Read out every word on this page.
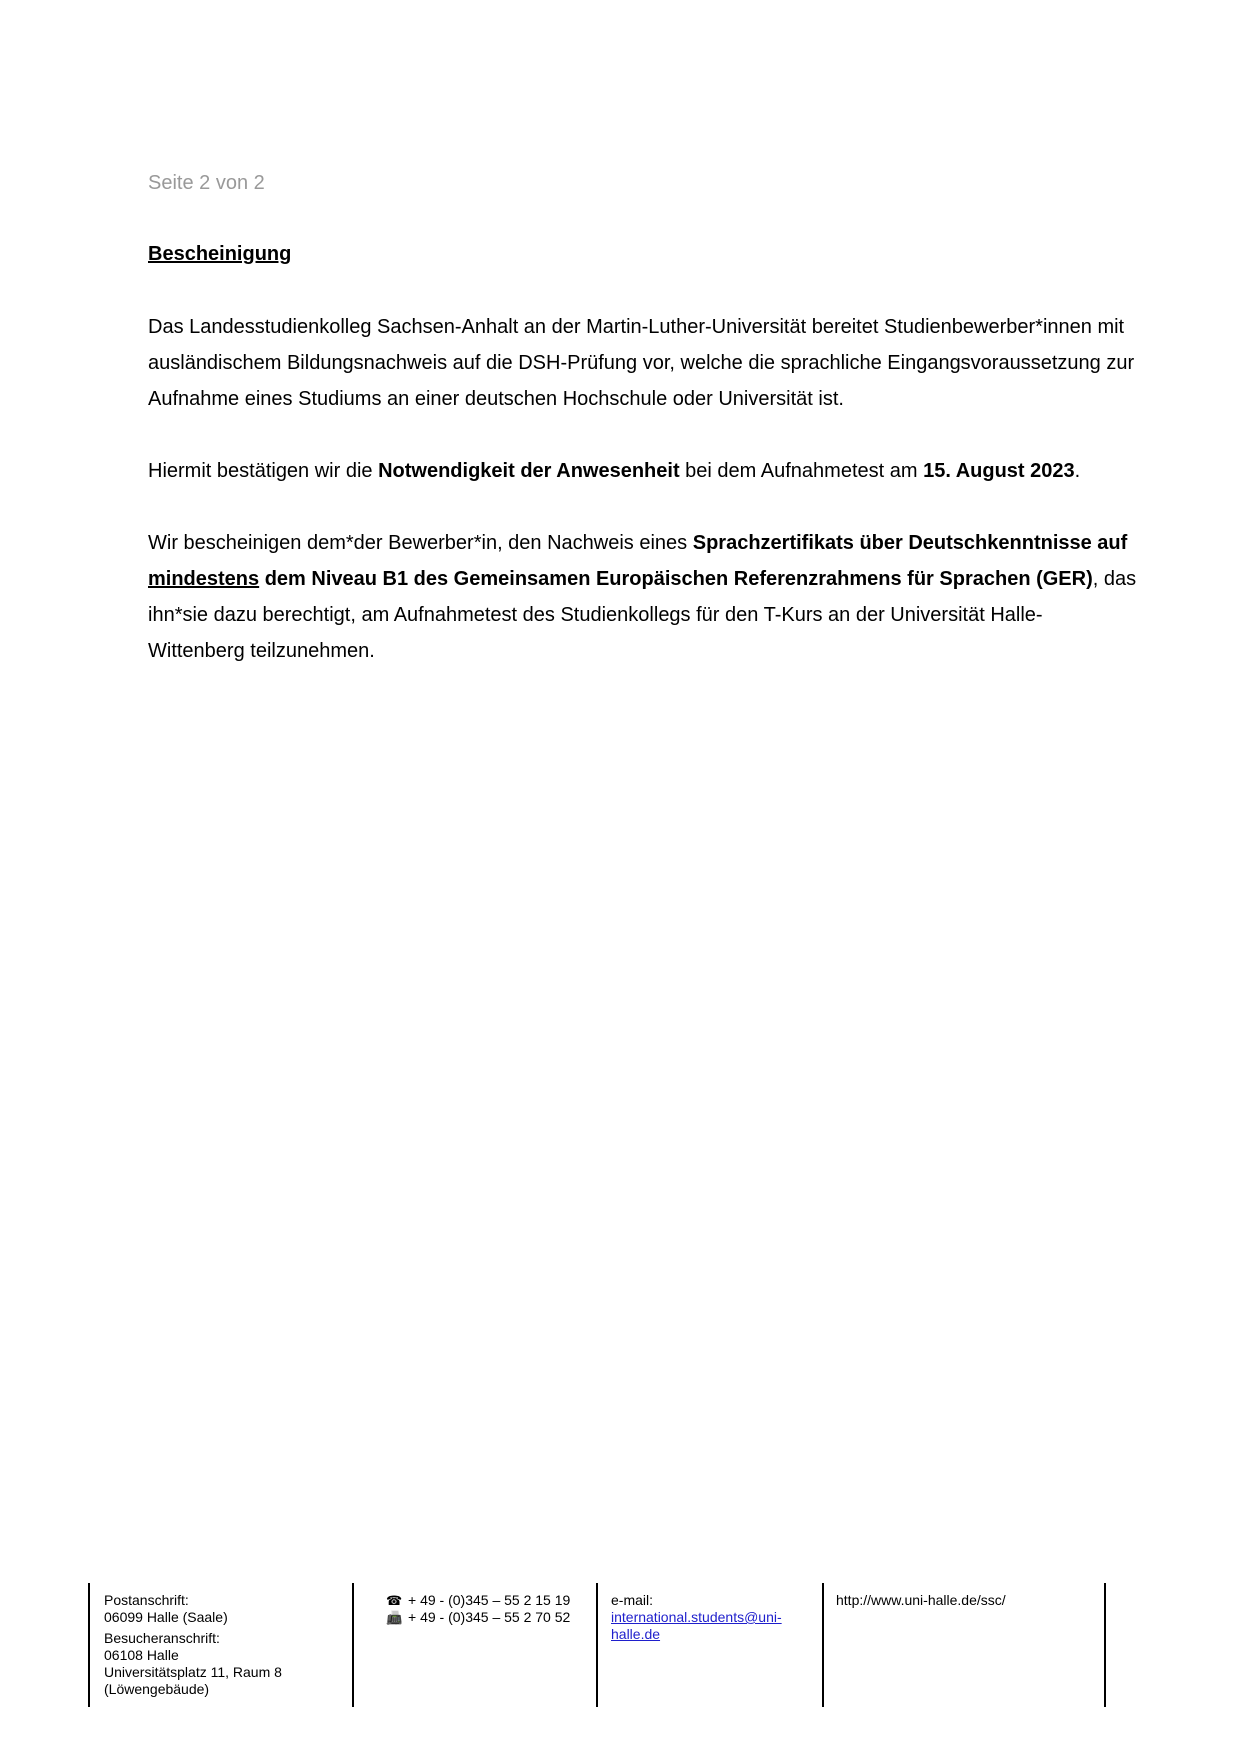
Seite 2 von 2
Bescheinigung
Das Landesstudienkolleg Sachsen-Anhalt an der Martin-Luther-Universität bereitet Studienbewerber*innen mit ausländischem Bildungsnachweis auf die DSH-Prüfung vor, welche die sprachliche Eingangsvoraussetzung zur Aufnahme eines Studiums an einer deutschen Hochschule oder Universität ist.
Hiermit bestätigen wir die Notwendigkeit der Anwesenheit bei dem Aufnahmetest am 15. August 2023.
Wir bescheinigen dem*der Bewerber*in, den Nachweis eines Sprachzertifikats über Deutschkenntnisse auf mindestens dem Niveau B1 des Gemeinsamen Europäischen Referenzrahmens für Sprachen (GER), das ihn*sie dazu berechtigt, am Aufnahmetest des Studienkollegs für den T-Kurs an der Universität Halle-Wittenberg teilzunehmen.
Postanschrift:
06099 Halle (Saale)
Besucheranschrift:
06108 Halle
Universitätsplatz 11, Raum 8
(Löwengebäude)
☎ + 49 - (0)345 – 55 2 15 19
📠 + 49 - (0)345 – 55 2 70 52
e-mail:
international.students@uni-
halle.de
http://www.uni-halle.de/ssc/
